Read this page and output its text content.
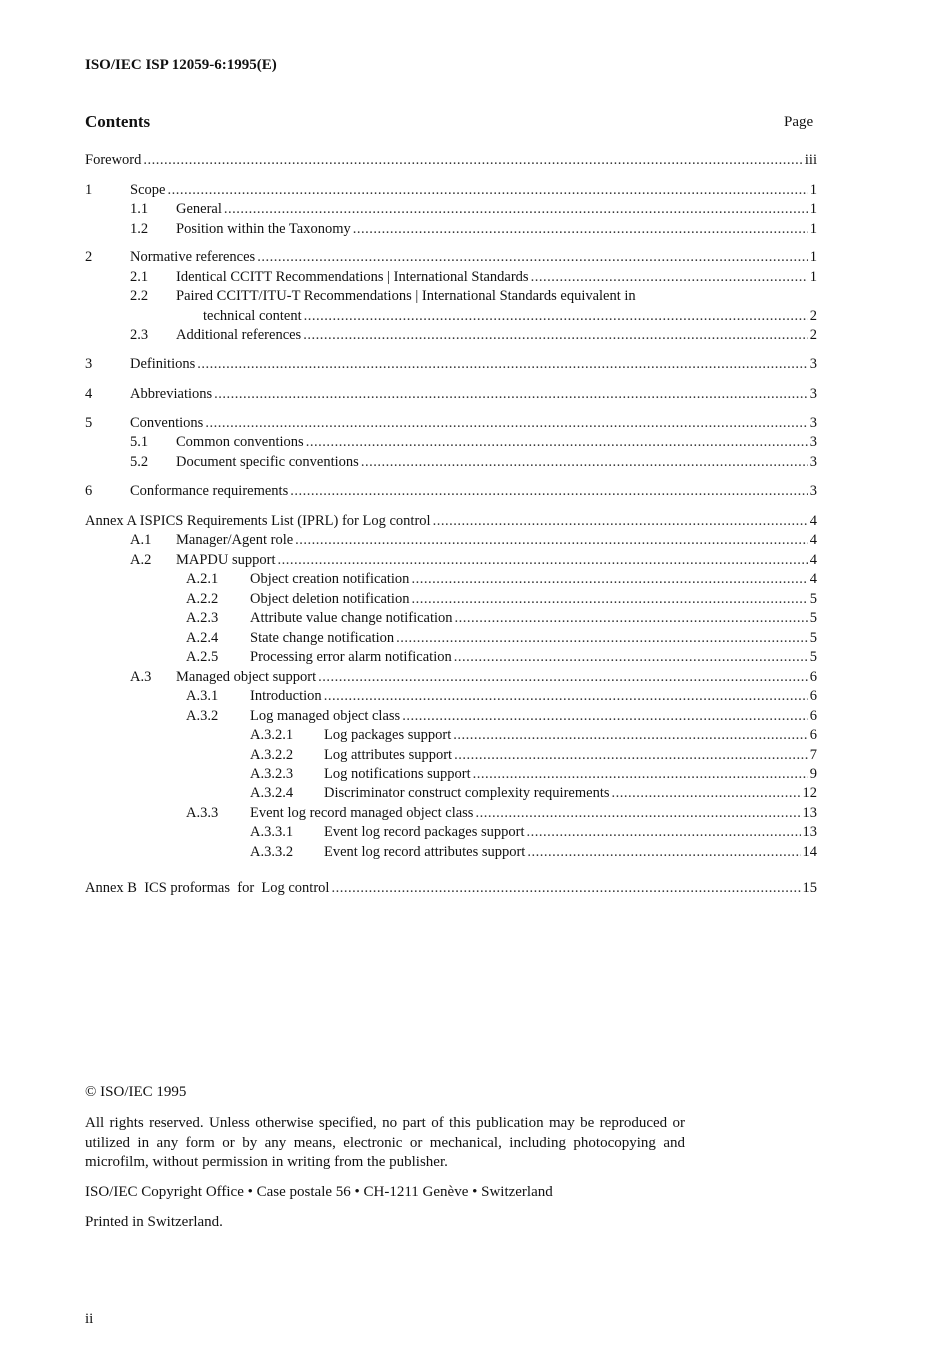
ISO/IEC ISP 12059-6:1995(E)
Contents	Page
Foreword .....	iii
1	Scope .....	1
1.1 General .....	1
1.2 Position within the Taxonomy .....	1
2	Normative references .....	1
2.1 Identical CCITT Recommendations | International Standards .....	1
2.2 Paired CCITT/ITU-T Recommendations | International Standards equivalent in
technical content .....	2
2.3 Additional references .....	2
3	Definitions .....	3
4	Abbreviations .....	3
5	Conventions .....	3
5.1 Common conventions .....	3
5.2 Document specific conventions .....	3
6	Conformance requirements .....	3
Annex A ISPICS Requirements List (IPRL) for Log control .....	4
A.1 Manager/Agent role .....	4
A.2 MAPDU support .....	4
A.2.1 Object creation notification .....	4
A.2.2 Object deletion notification .....	5
A.2.3 Attribute value change notification .....	5
A.2.4 State change notification .....	5
A.2.5 Processing error alarm notification .....	5
A.3 Managed object support .....	6
A.3.1 Introduction .....	6
A.3.2 Log managed object class .....	6
A.3.2.1 Log packages support .....	6
A.3.2.2 Log attributes support .....	7
A.3.2.3 Log notifications support .....	9
A.3.2.4 Discriminator construct complexity requirements .....	12
A.3.3 Event log record managed object class .....	13
A.3.3.1 Event log record packages support .....	13
A.3.3.2 Event log record attributes support .....	14
Annex B  ICS proformas  for  Log control .....	15
© ISO/IEC 1995
All rights reserved. Unless otherwise specified, no part of this publication may be reproduced or utilized in any form or by any means, electronic or mechanical, including photocopying and microfilm, without permission in writing from the publisher.
ISO/IEC Copyright Office • Case postale 56 • CH-1211 Genève • Switzerland
Printed in Switzerland.
ii
